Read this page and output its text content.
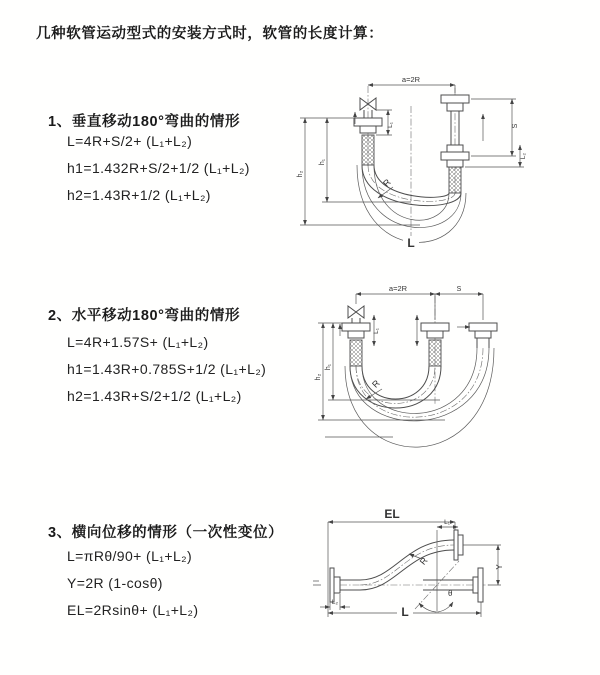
几种软管运动型式的安装方式时，软管的长度计算：
1、垂直移动180°弯曲的情形
L=4R+S/2+ (L₁+L₂)
h1=1.432R+S/2+1/2 (L₁+L₂)
h2=1.43R+1/2 (L₁+L₂)
2、水平移动180°弯曲的情形
L=4R+1.57S+ (L₁+L₂)
h1=1.43R+0.785S+1/2 (L₁+L₂)
h2=1.43R+S/2+1/2 (L₁+L₂)
3、横向位移的情形（一次性变位）
L=πRθ/90+ (L₁+L₂)
Y=2R (1-cosθ)
EL=2Rsinθ+ (L₁+L₂)
a=2R
L₁	S
L₂
h₁
h₂
R
L
a=2R	S
L₁
h₁
h₂
R
EL
L₁
θ
R
Y
L₂
L
